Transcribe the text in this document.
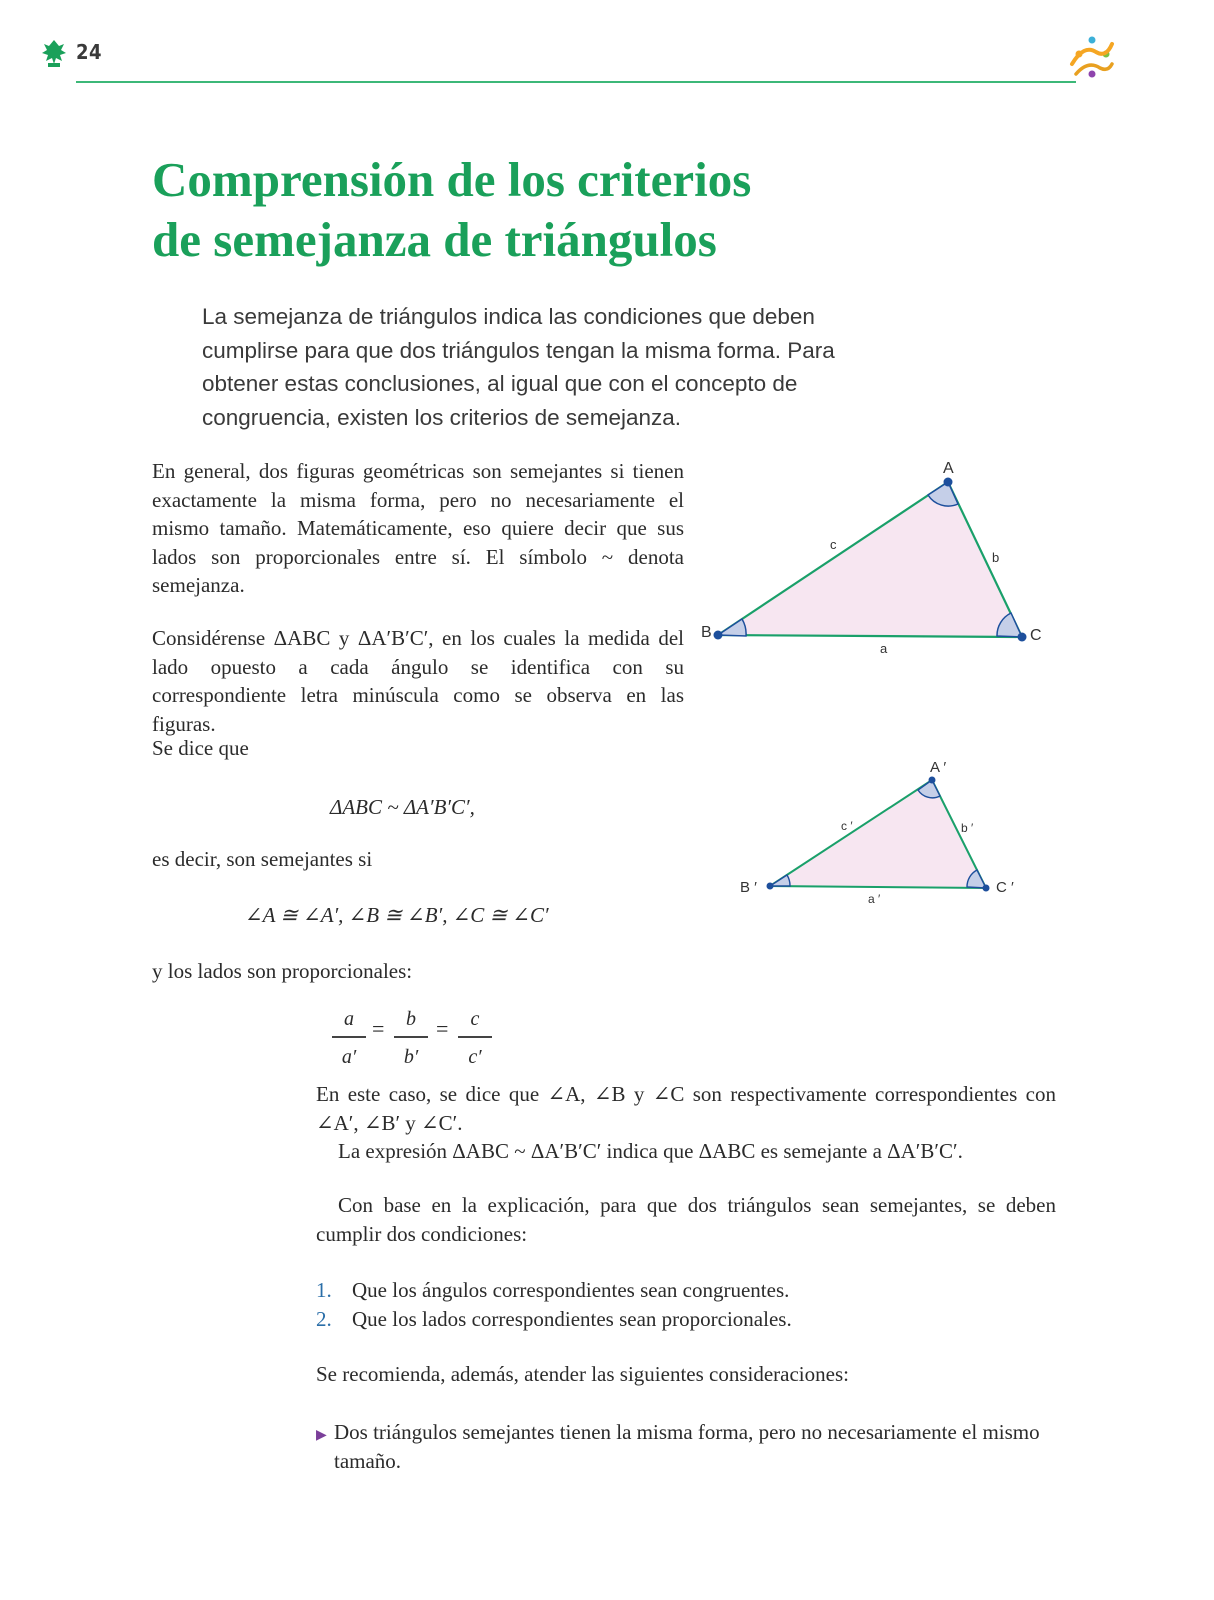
24
Comprensión de los criterios
de semejanza de triángulos

La semejanza de triángulos indica las condiciones que deben cumplirse para que dos triángulos tengan la misma forma. Para obtener estas conclusiones, al igual que con el concepto de congruencia, existen los criterios de semejanza.

En general, dos figuras geométricas son semejantes si tienen exactamente la misma forma, pero no necesariamente el mismo tamaño. Matemáticamente, eso quiere decir que sus lados son proporcionales entre sí. El símbolo ~ denota semejanza.

Considérense ΔABC y ΔA′B′C′, en los cuales la medida del lado opuesto a cada ángulo se identifica con su correspondiente letra minúscula como se observa en las figuras.

Se dice que
ΔABC ~ ΔA′B′C′,
es decir, son semejantes si
∠A ≅ ∠A′, ∠B ≅ ∠B′, ∠C ≅ ∠C′
y los lados son proporcionales:
a
a′
=	b
b′
=	c
c′

En este caso, se dice que ∠A, ∠B y ∠C son respectivamente correspondientes con ∠A′, ∠B′ y ∠C′.
La expresión ΔABC ~ ΔA′B′C′ indica que ΔABC es semejante a ΔA′B′C′.

Con base en la explicación, para que dos triángulos sean semejantes, se deben cumplir dos condiciones:

1. Que los ángulos correspondientes sean congruentes.
2. Que los lados correspondientes sean proporcionales.

Se recomienda, además, atender las siguientes consideraciones:

▶ Dos triángulos semejantes tienen la misma forma, pero no necesariamente el mismo tamaño.
A
B	C
a
b
c
A ′
B ′	C ′
a ′
b ′
c ′
